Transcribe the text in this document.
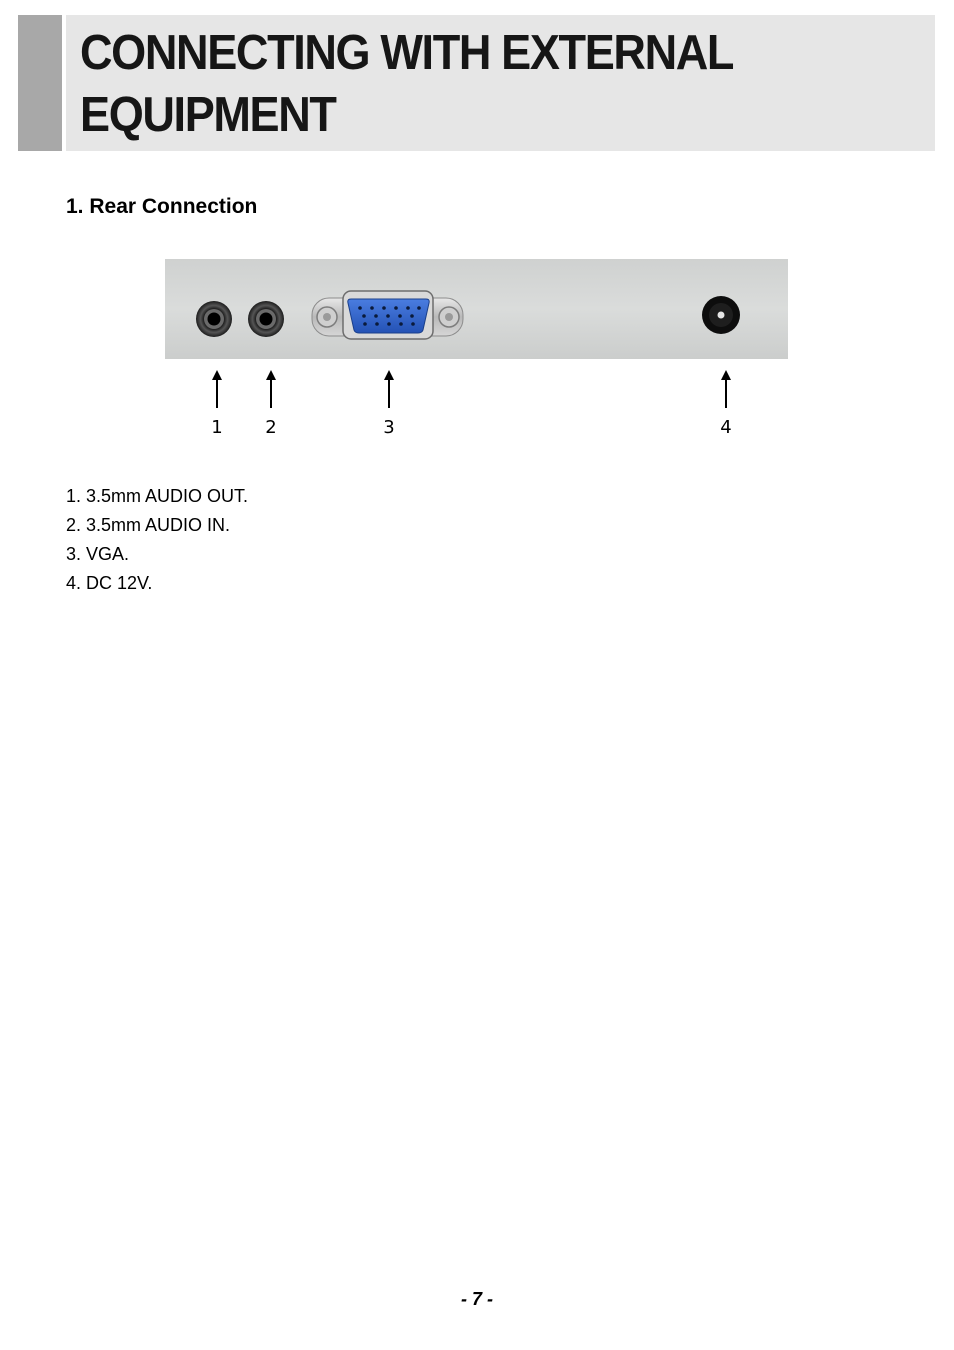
CONNECTING WITH EXTERNAL
EQUIPMENT
1. Rear Connection
1 2	3	4
1. 3.5mm AUDIO OUT.
2. 3.5mm AUDIO IN.
3. VGA.
4. DC 12V.
- 7 -
